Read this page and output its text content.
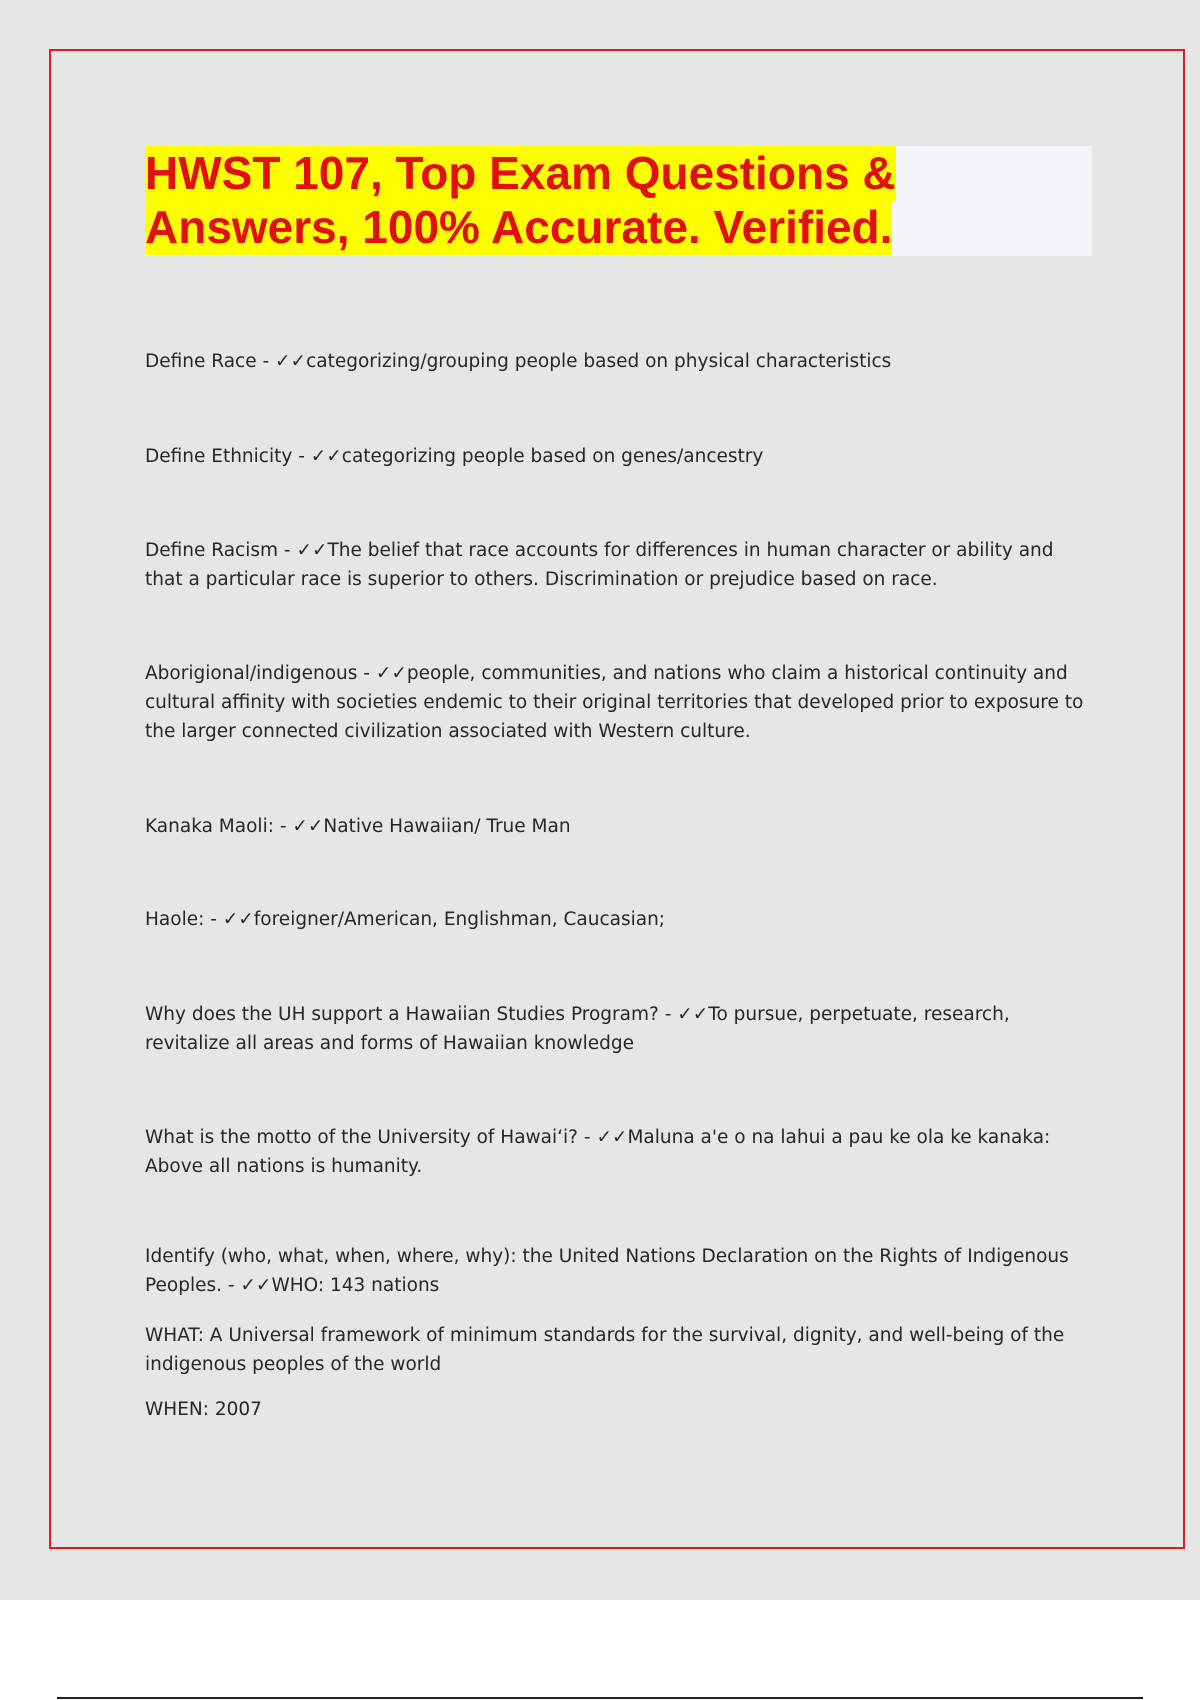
HWST 107, Top Exam Questions &
Answers, 100% Accurate. Verified.

Define Race - ✓✓categorizing/grouping people based on physical characteristics

Define Ethnicity - ✓✓categorizing people based on genes/ancestry

Define Racism - ✓✓The belief that race accounts for differences in human character or ability and that a particular race is superior to others. Discrimination or prejudice based on race.

Aborigional/indigenous - ✓✓people, communities, and nations who claim a historical continuity and cultural affinity with societies endemic to their original territories that developed prior to exposure to the larger connected civilization associated with Western culture.

Kanaka Maoli: - ✓✓Native Hawaiian/ True Man

Haole: - ✓✓foreigner/American, Englishman, Caucasian;

Why does the UH support a Hawaiian Studies Program? - ✓✓To pursue, perpetuate, research, revitalize all areas and forms of Hawaiian knowledge

What is the motto of the University of Hawai‘i? - ✓✓Maluna a'e o na lahui a pau ke ola ke kanaka: Above all nations is humanity.

Identify (who, what, when, where, why): the United Nations Declaration on the Rights of Indigenous Peoples. - ✓✓WHO: 143 nations

WHAT: A Universal framework of minimum standards for the survival, dignity, and well-being of the indigenous peoples of the world

WHEN: 2007
